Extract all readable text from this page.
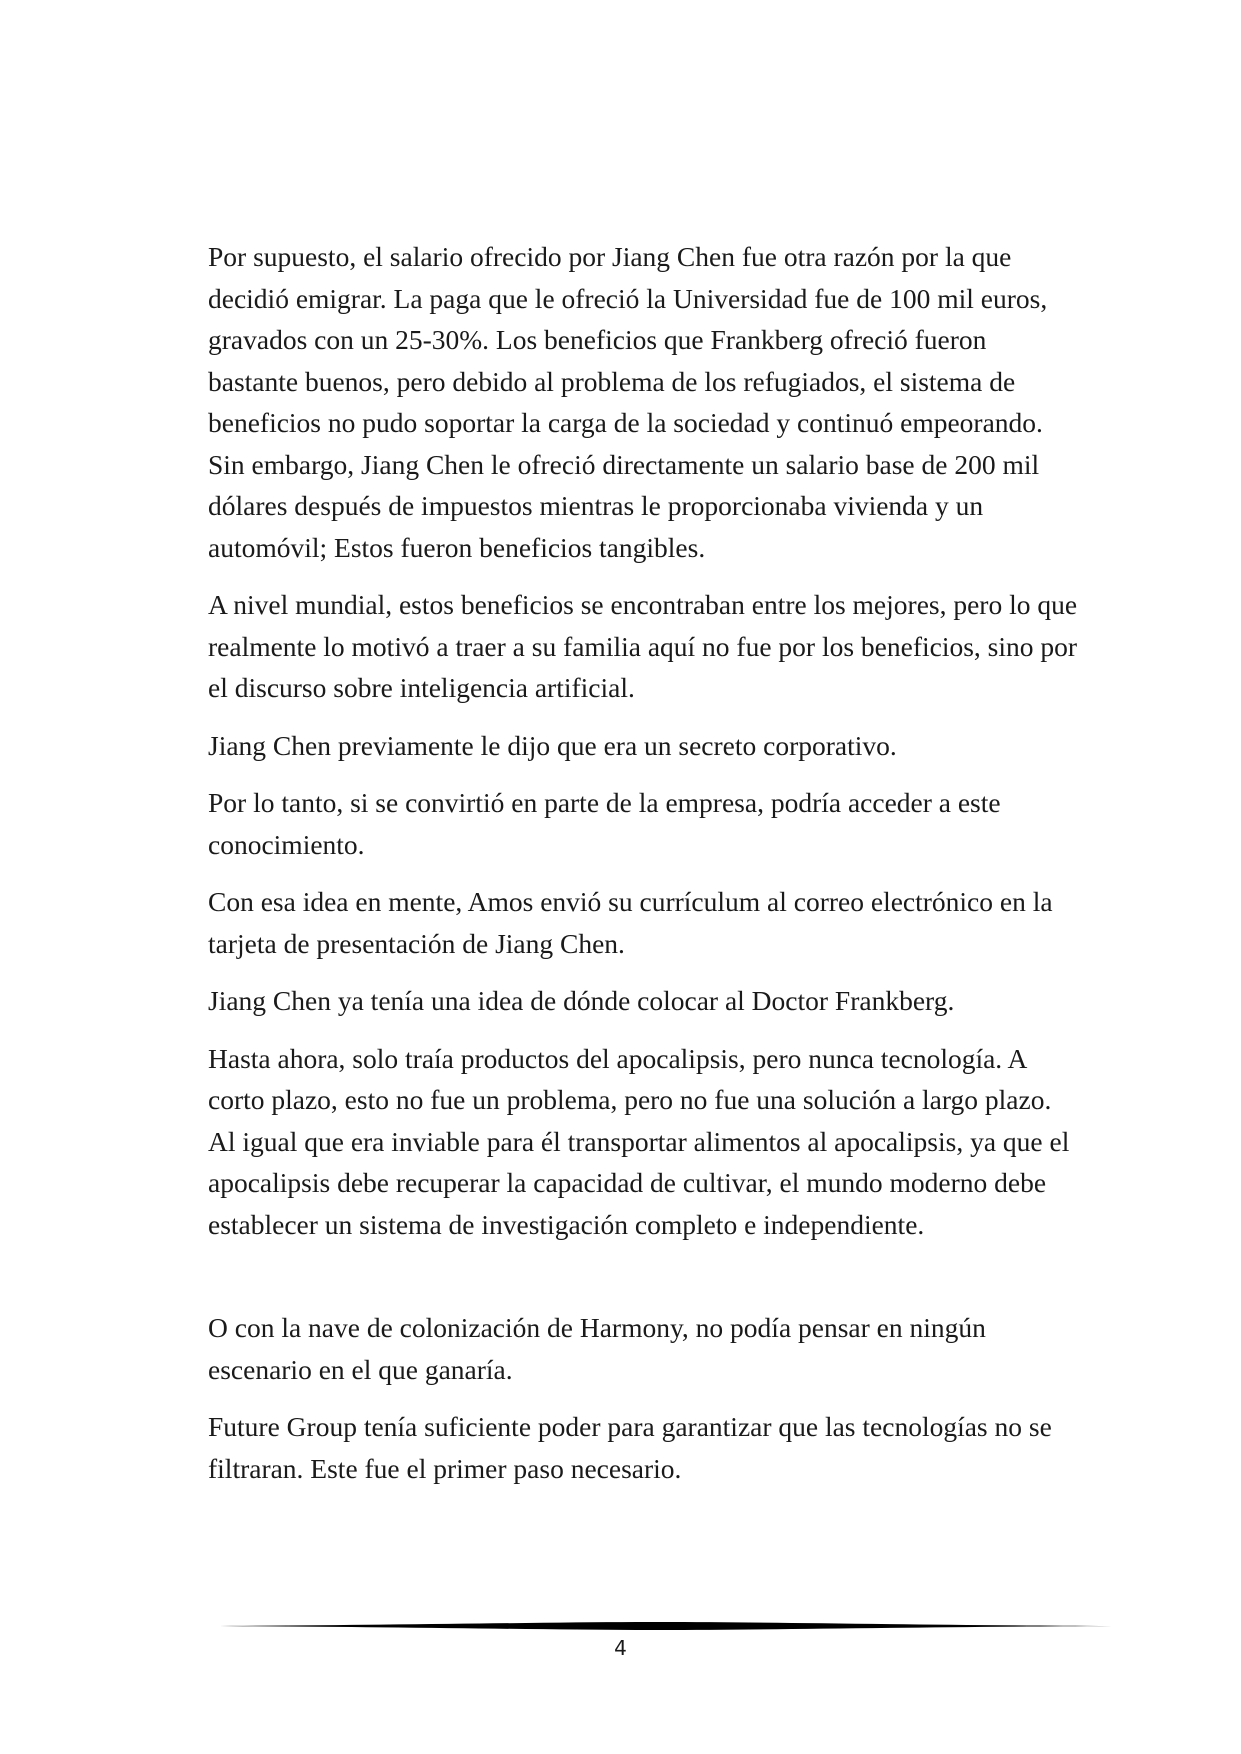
Por supuesto, el salario ofrecido por Jiang Chen fue otra razón por la que decidió emigrar. La paga que le ofreció la Universidad fue de 100 mil euros, gravados con un 25-30%. Los beneficios que Frankberg ofreció fueron bastante buenos, pero debido al problema de los refugiados, el sistema de beneficios no pudo soportar la carga de la sociedad y continuó empeorando. Sin embargo, Jiang Chen le ofreció directamente un salario base de 200 mil dólares después de impuestos mientras le proporcionaba vivienda y un automóvil; Estos fueron beneficios tangibles.

A nivel mundial, estos beneficios se encontraban entre los mejores, pero lo que realmente lo motivó a traer a su familia aquí no fue por los beneficios, sino por el discurso sobre inteligencia artificial.

Jiang Chen previamente le dijo que era un secreto corporativo.

Por lo tanto, si se convirtió en parte de la empresa, podría acceder a este conocimiento.

Con esa idea en mente, Amos envió su currículum al correo electrónico en la tarjeta de presentación de Jiang Chen.

Jiang Chen ya tenía una idea de dónde colocar al Doctor Frankberg.

Hasta ahora, solo traía productos del apocalipsis, pero nunca tecnología. A corto plazo, esto no fue un problema, pero no fue una solución a largo plazo. Al igual que era inviable para él transportar alimentos al apocalipsis, ya que el apocalipsis debe recuperar la capacidad de cultivar, el mundo moderno debe establecer un sistema de investigación completo e independiente.

O con la nave de colonización de Harmony, no podía pensar en ningún escenario en el que ganaría.

Future Group tenía suficiente poder para garantizar que las tecnologías no se filtraran. Este fue el primer paso necesario.

4
